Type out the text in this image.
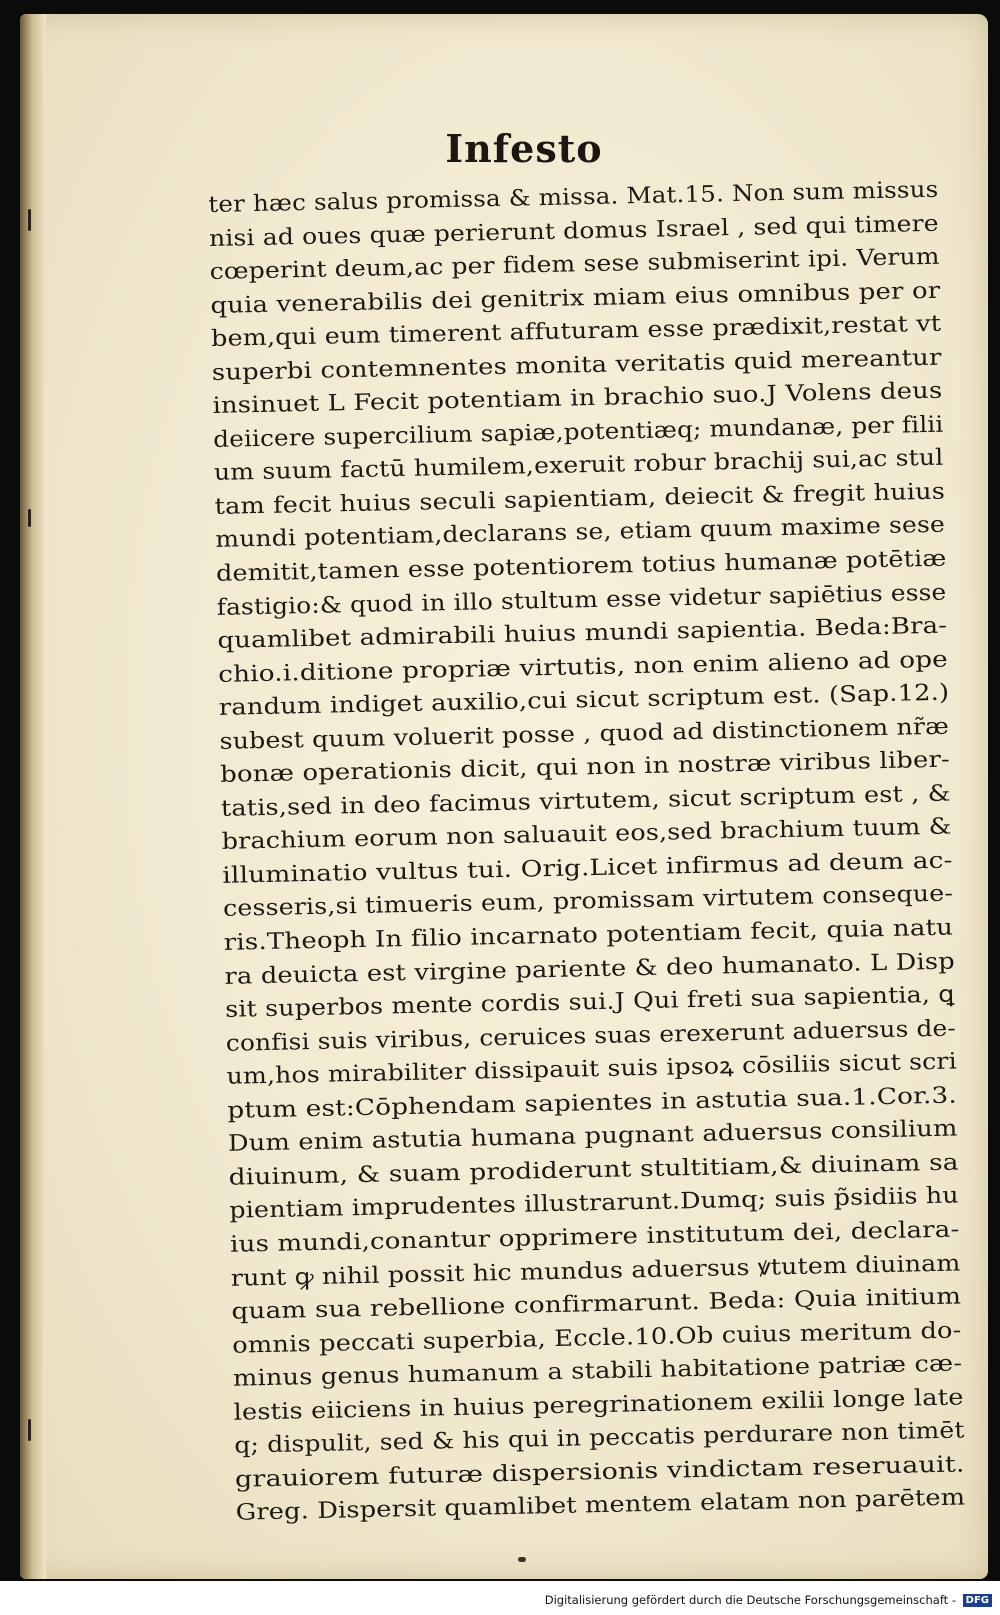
Infesto
ter hæc salus promissa & missa. Mat.15. Non sum missus
nisi ad oues quæ perierunt domus Israel , sed qui timere
cœperint deum,ac per fidem sese submiserint ipi. Verum
quia venerabilis dei genitrix miam eius omnibus per or
bem,qui eum timerent affuturam esse prædixit,restat vt
superbi contemnentes monita veritatis quid mereantur
insinuet L Fecit potentiam in brachio suo.J Volens deus
deiicere supercilium sapiæ,potentiæq; mundanæ, per filii
um suum factū humilem,exeruit robur brachij sui,ac stul
tam fecit huius seculi sapientiam, deiecit & fregit huius
mundi potentiam,declarans se, etiam quum maxime sese
demitit,tamen esse potentiorem totius humanæ potētiæ
fastigio:& quod in illo stultum esse videtur sapiētius esse
quamlibet admirabili huius mundi sapientia. Beda:Bra-
chio.i.ditione propriæ virtutis, non enim alieno ad ope
randum indiget auxilio,cui sicut scriptum est. (Sap.12.)
subest quum voluerit posse , quod ad distinctionem nr̃æ
bonæ operationis dicit, qui non in nostræ viribus liber-
tatis,sed in deo facimus virtutem, sicut scriptum est , &
brachium eorum non saluauit eos,sed brachium tuum &
illuminatio vultus tui. Orig.Licet infirmus ad deum ac-
cesseris,si timueris eum, promissam virtutem conseque-
ris.Theoph In filio incarnato potentiam fecit, quia natu
ra deuicta est virgine pariente & deo humanato. L Disp
sit superbos mente cordis sui.J Qui freti sua sapientia, ꝗ
confisi suis viribus, ceruices suas erexerunt aduersus de-
um,hos mirabiliter dissipauit suis ipsoꝝ cōsiliis sicut scri
ptum est:Cōphendam sapientes in astutia sua.1.Cor.3.
Dum enim astutia humana pugnant aduersus consilium
diuinum, & suam prodiderunt stultitiam,& diuinam sa
pientiam imprudentes illustrarunt.Dumq; suis p̃sidiis hu
ius mundi,conantur opprimere institutum dei, declara-
runt ꝙ nihil possit hic mundus aduersus ꝟtutem diuinam
quam sua rebellione confirmarunt. Beda: Quia initium
omnis peccati superbia, Eccle.10.Ob cuius meritum do-
minus genus humanum a stabili habitatione patriæ cæ-
lestis eiiciens in huius peregrinationem exilii longe late
q; dispulit, sed & his qui in peccatis perdurare non timēt
grauiorem futuræ dispersionis vindictam reseruauit.
Greg. Dispersit quamlibet mentem elatam non parētem
Digitalisierung gefördert durch die Deutsche Forschungsgemeinschaft - DFG
